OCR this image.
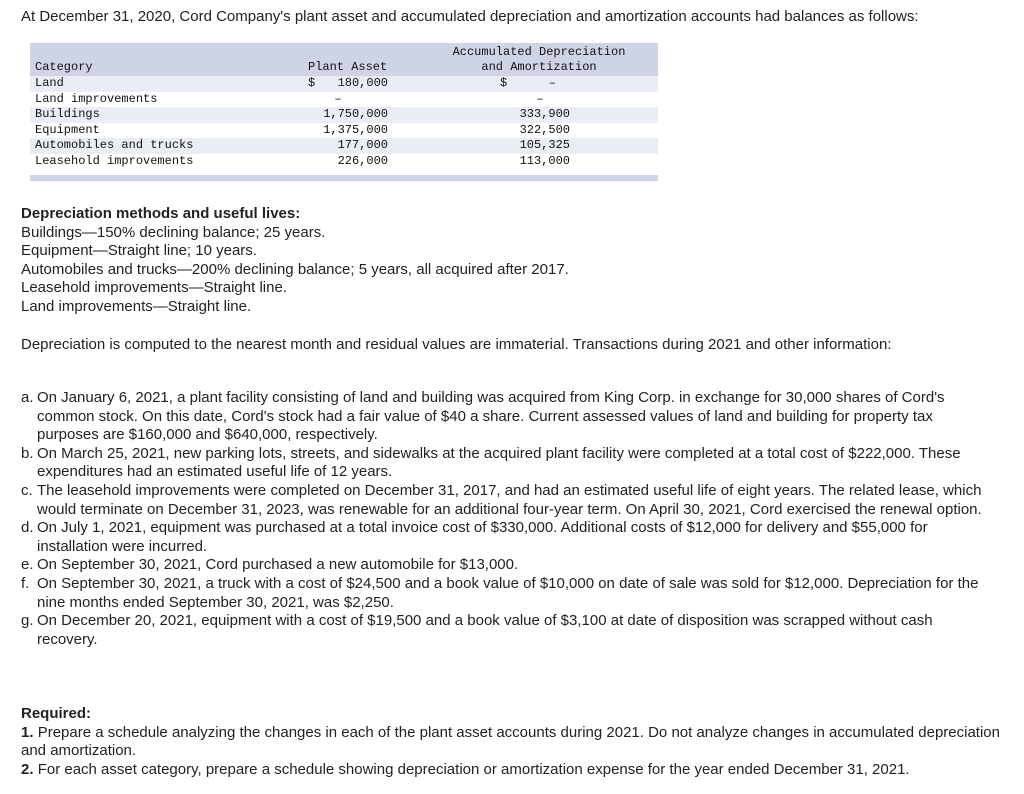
At December 31, 2020, Cord Company's plant asset and accumulated depreciation and amortization accounts had balances as follows:

Category	Plant Asset
Accumulated Depreciation
and Amortization
Land	$ 180,000	$	–
Land improvements	–	–
Buildings	1,750,000	333,900
Equipment	1,375,000	322,500
Automobiles and trucks	177,000	105,325
Leasehold improvements	226,000	113,000
Depreciation methods and useful lives:
Buildings—150% declining balance; 25 years.
Equipment—Straight line; 10 years.
Automobiles and trucks—200% declining balance; 5 years, all acquired after 2017.
Leasehold improvements—Straight line.
Land improvements—Straight line.
Depreciation is computed to the nearest month and residual values are immaterial. Transactions during 2021 and other information:
a. On January 6, 2021, a plant facility consisting of land and building was acquired from King Corp. in exchange for 30,000 shares of Cord's common stock. On this date, Cord's stock had a fair value of $40 a share. Current assessed values of land and building for property tax purposes are $160,000 and $640,000, respectively.
b. On March 25, 2021, new parking lots, streets, and sidewalks at the acquired plant facility were completed at a total cost of $222,000. These expenditures had an estimated useful life of 12 years.
c. The leasehold improvements were completed on December 31, 2017, and had an estimated useful life of eight years. The related lease, which would terminate on December 31, 2023, was renewable for an additional four-year term. On April 30, 2021, Cord exercised the renewal option.
d. On July 1, 2021, equipment was purchased at a total invoice cost of $330,000. Additional costs of $12,000 for delivery and $55,000 for installation were incurred.
e. On September 30, 2021, Cord purchased a new automobile for $13,000.
f. On September 30, 2021, a truck with a cost of $24,500 and a book value of $10,000 on date of sale was sold for $12,000. Depreciation for the nine months ended September 30, 2021, was $2,250.
g. On December 20, 2021, equipment with a cost of $19,500 and a book value of $3,100 at date of disposition was scrapped without cash recovery.
Required:
1. Prepare a schedule analyzing the changes in each of the plant asset accounts during 2021. Do not analyze changes in accumulated depreciation and amortization.
2. For each asset category, prepare a schedule showing depreciation or amortization expense for the year ended December 31, 2021.
